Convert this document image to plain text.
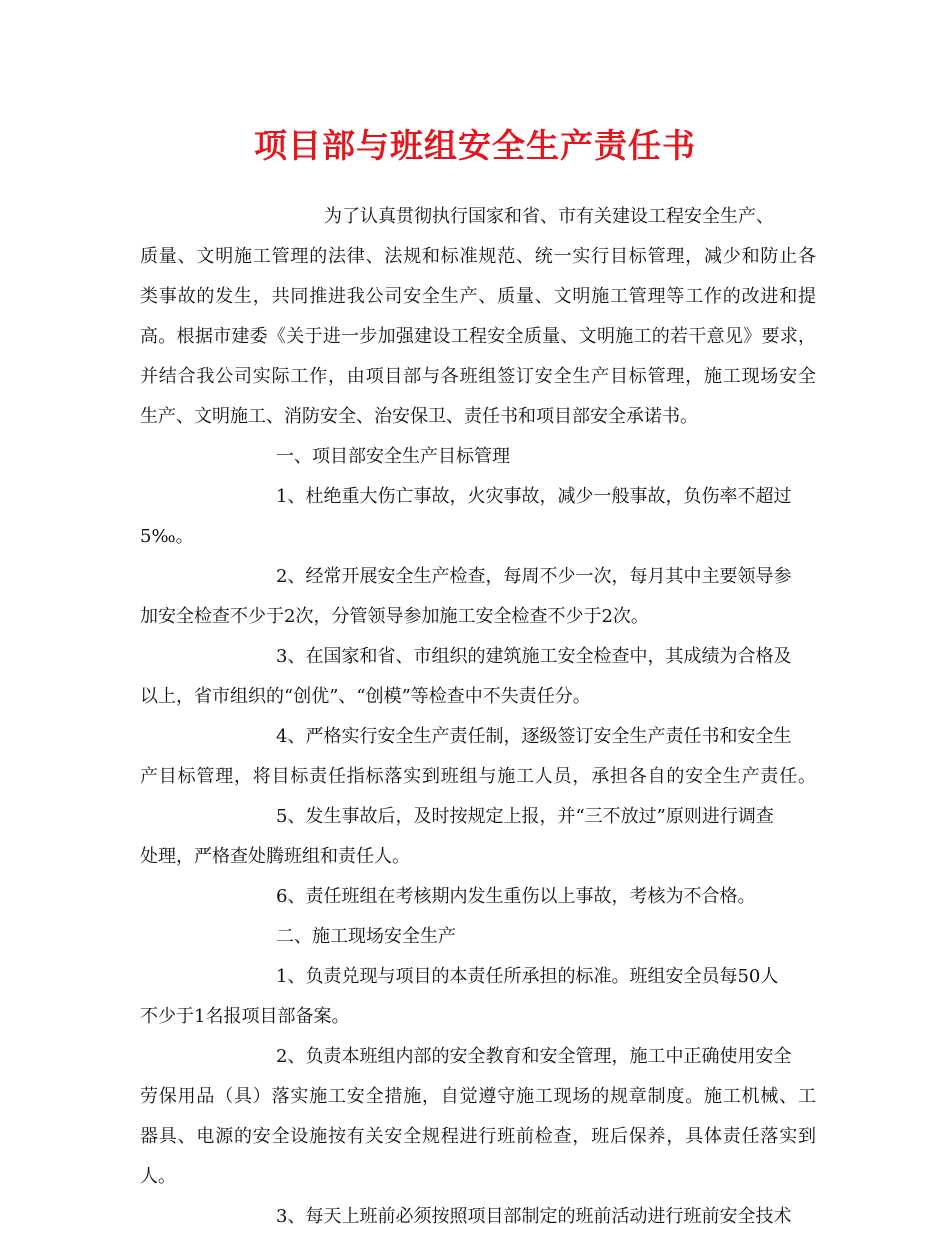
项目部与班组安全生产责任书
为了认真贯彻执行国家和省、市有关建设工程安全生产、
质量、文明施工管理的法律、法规和标准规范、统一实行目标管理，减少和防止各
类事故的发生，共同推进我公司安全生产、质量、文明施工管理等工作的改进和提
高。根据市建委《关于进一步加强建设工程安全质量、文明施工的若干意见》要求，
并结合我公司实际工作，由项目部与各班组签订安全生产目标管理，施工现场安全
生产、文明施工、消防安全、治安保卫、责任书和项目部安全承诺书。
一、项目部安全生产目标管理
1、杜绝重大伤亡事故，火灾事故，减少一般事故，负伤率不超过
5‰。
2、经常开展安全生产检查，每周不少一次，每月其中主要领导参
加安全检查不少于2次，分管领导参加施工安全检查不少于2次。
3、在国家和省、市组织的建筑施工安全检查中，其成绩为合格及
以上，省市组织的“创优”、“创模”等检查中不失责任分。
4、严格实行安全生产责任制，逐级签订安全生产责任书和安全生
产目标管理，将目标责任指标落实到班组与施工人员，承担各自的安全生产责任。
5、发生事故后，及时按规定上报，并“三不放过”原则进行调查
处理，严格查处腾班组和责任人。
6、责任班组在考核期内发生重伤以上事故，考核为不合格。
二、施工现场安全生产
1、负责兑现与项目的本责任所承担的标准。班组安全员每50人
不少于1名报项目部备案。
2、负责本班组内部的安全教育和安全管理，施工中正确使用安全
劳保用品（具）落实施工安全措施，自觉遵守施工现场的规章制度。施工机械、工
器具、电源的安全设施按有关安全规程进行班前检查，班后保养，具体责任落实到
人。
3、每天上班前必须按照项目部制定的班前活动进行班前安全技术
